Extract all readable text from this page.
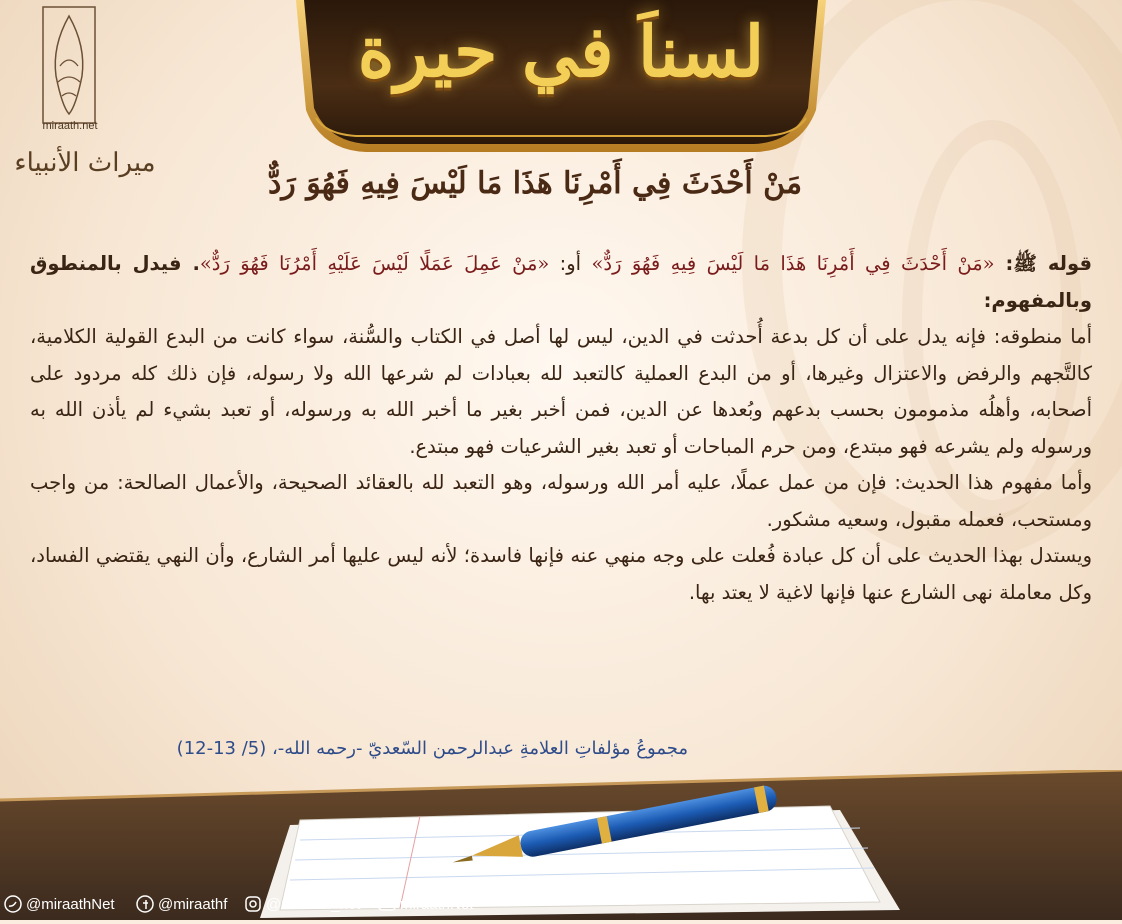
لسناَ في حيرة
miraath.net
ميراث الأنبياء
مَنْ أَحْدَثَ فِي أَمْرِنَا هَذَا مَا لَيْسَ فِيهِ فَهُوَ رَدٌّ

قوله ﷺ: «مَنْ أَحْدَثَ فِي أَمْرِنَا هَذَا مَا لَيْسَ فِيهِ فَهُوَ رَدٌّ» أو: «مَنْ عَمِلَ عَمَلًا لَيْسَ عَلَيْهِ أَمْرُنَا فَهُوَ رَدٌّ». فيدل بالمنطوق وبالمفهوم:

أما منطوقه: فإنه يدل على أن كل بدعة أُحدثت في الدين، ليس لها أصل في الكتاب والسُّنة، سواء كانت من البدع القولية الكلامية، كالتَّجهم والرفض والاعتزال وغيرها، أو من البدع العملية كالتعبد لله بعبادات لم شرعها الله ولا رسوله، فإن ذلك كله مردود على أصحابه، وأهلُه مذمومون بحسب بدعهم وبُعدها عن الدين، فمن أخبر بغير ما أخبر الله به ورسوله، أو تعبد بشيء لم يأذن الله به ورسوله ولم يشرعه فهو مبتدع، ومن حرم المباحات أو تعبد بغير الشرعيات فهو مبتدع.

وأما مفهوم هذا الحديث: فإن من عمل عملًا، عليه أمر الله ورسوله، وهو التعبد لله بالعقائد الصحيحة، والأعمال الصالحة: من واجب ومستحب، فعمله مقبول، وسعيه مشكور.

ويستدل بهذا الحديث على أن كل عبادة فُعلت على وجه منهي عنه فإنها فاسدة؛ لأنه ليس عليها أمر الشارع، وأن النهي يقتضي الفساد، وكل معاملة نهى الشارع عنها فإنها لاغية لا يعتد بها.

مجموعُ مؤلفاتِ العلامةِ عبدالرحمن السّعديّ -رحمه الله-، (5/ 13-12)
@miraathNet	@miraathf	@miraath_net	miraathNet
